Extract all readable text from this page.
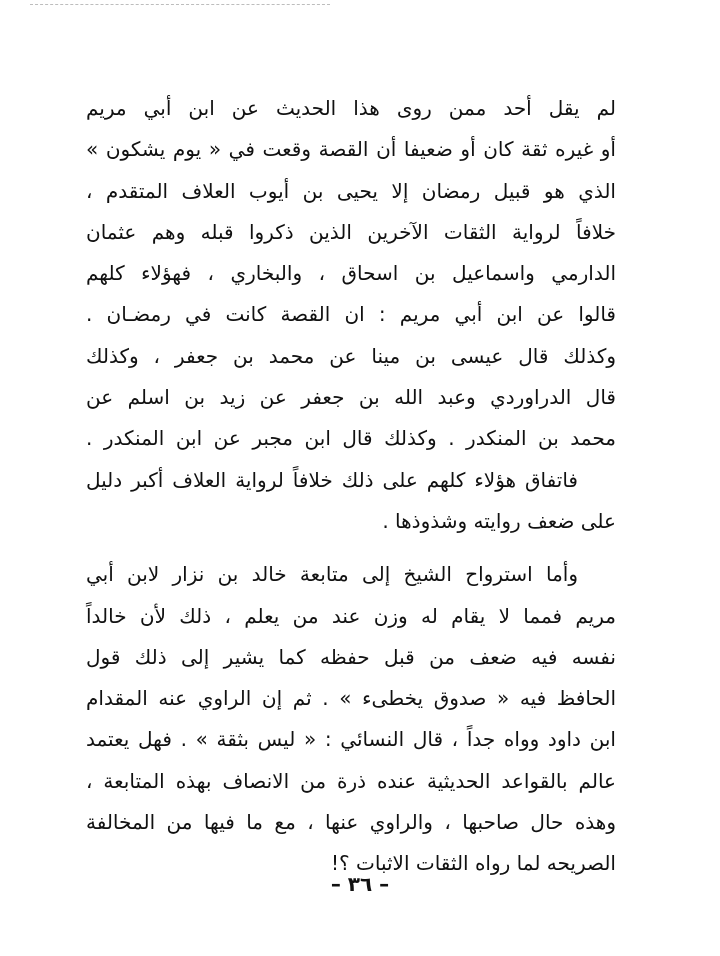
لم يقل أحد ممن روى هذا الحديث عن ابن أبي مريم
أو غيره ثقة كان أو ضعيفا أن القصة وقعت في « يوم يشكون »
الذي هو قبيل رمضان إلا يحيى بن أيوب العلاف المتقدم ،
خلافاً لرواية الثقات الآخرين الذين ذكروا قبله وهم عثمان
الدارمي واسماعيل بن اسحاق ، والبخاري ، فهؤلاء كلهم
قالوا عن ابن أبي مريم : ان القصة كانت في رمضـان .
وكذلك قال عيسى بن مينا عن محمد بن جعفر ، وكذلك
قال الدراوردي وعبد الله بن جعفر عن زيد بن اسلم عن
محمد بن المنكدر . وكذلك قال ابن مجبر عن ابن المنكدر .
فاتفاق هؤلاء كلهم على ذلك خلافاً لرواية العلاف أكبر دليل
على ضعف روايته وشذوذها .
وأما استرواح الشيخ إلى متابعة خالد بن نزار لابن أبي
مريم فمما لا يقام له وزن عند من يعلم ، ذلك لأن خالداً
نفسه فيه ضعف من قبل حفظه كما يشير إلى ذلك قول
الحافظ فيه « صدوق يخطىء » . ثم إن الراوي عنه المقدام
ابن داود وواه جداً ، قال النسائي : « ليس بثقة » . فهل يعتمد
عالم بالقواعد الحديثية عنده ذرة من الانصاف بهذه المتابعة ،
وهذه حال صاحبها ، والراوي عنها ، مع ما فيها من المخالفة
الصريحه لما رواه الثقات الاثبات ؟!
– ٣٦ –
